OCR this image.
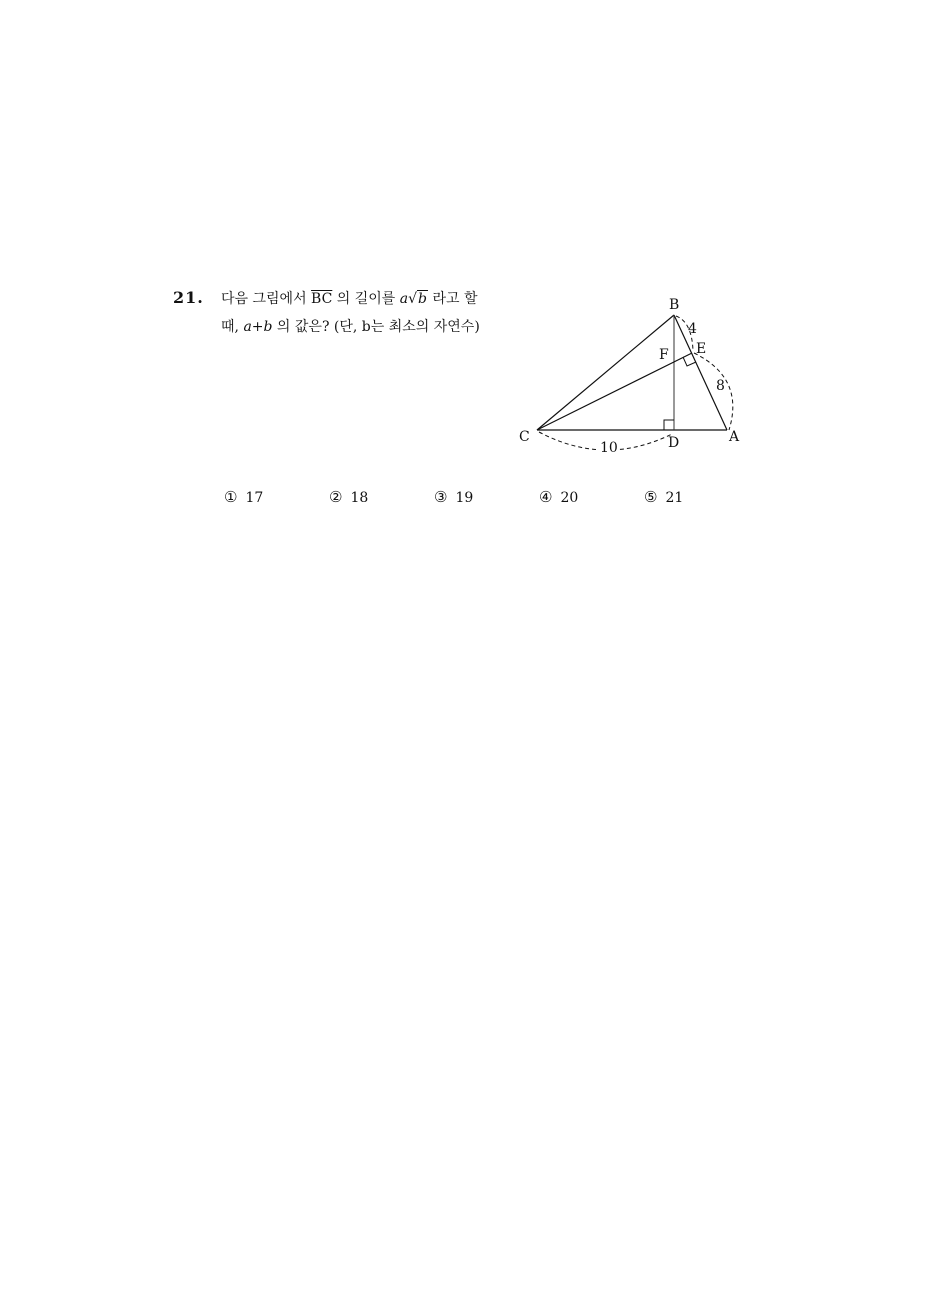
21. 다음 그림에서 $\overline{BC}$ 의 길이를 a√b 라고 할
때, a+b 의 값은? (단, b는 최소의 자연수)
B
A
C	D
E
F
4
8
10
① 17	② 18	③ 19	④ 20	⑤ 21
